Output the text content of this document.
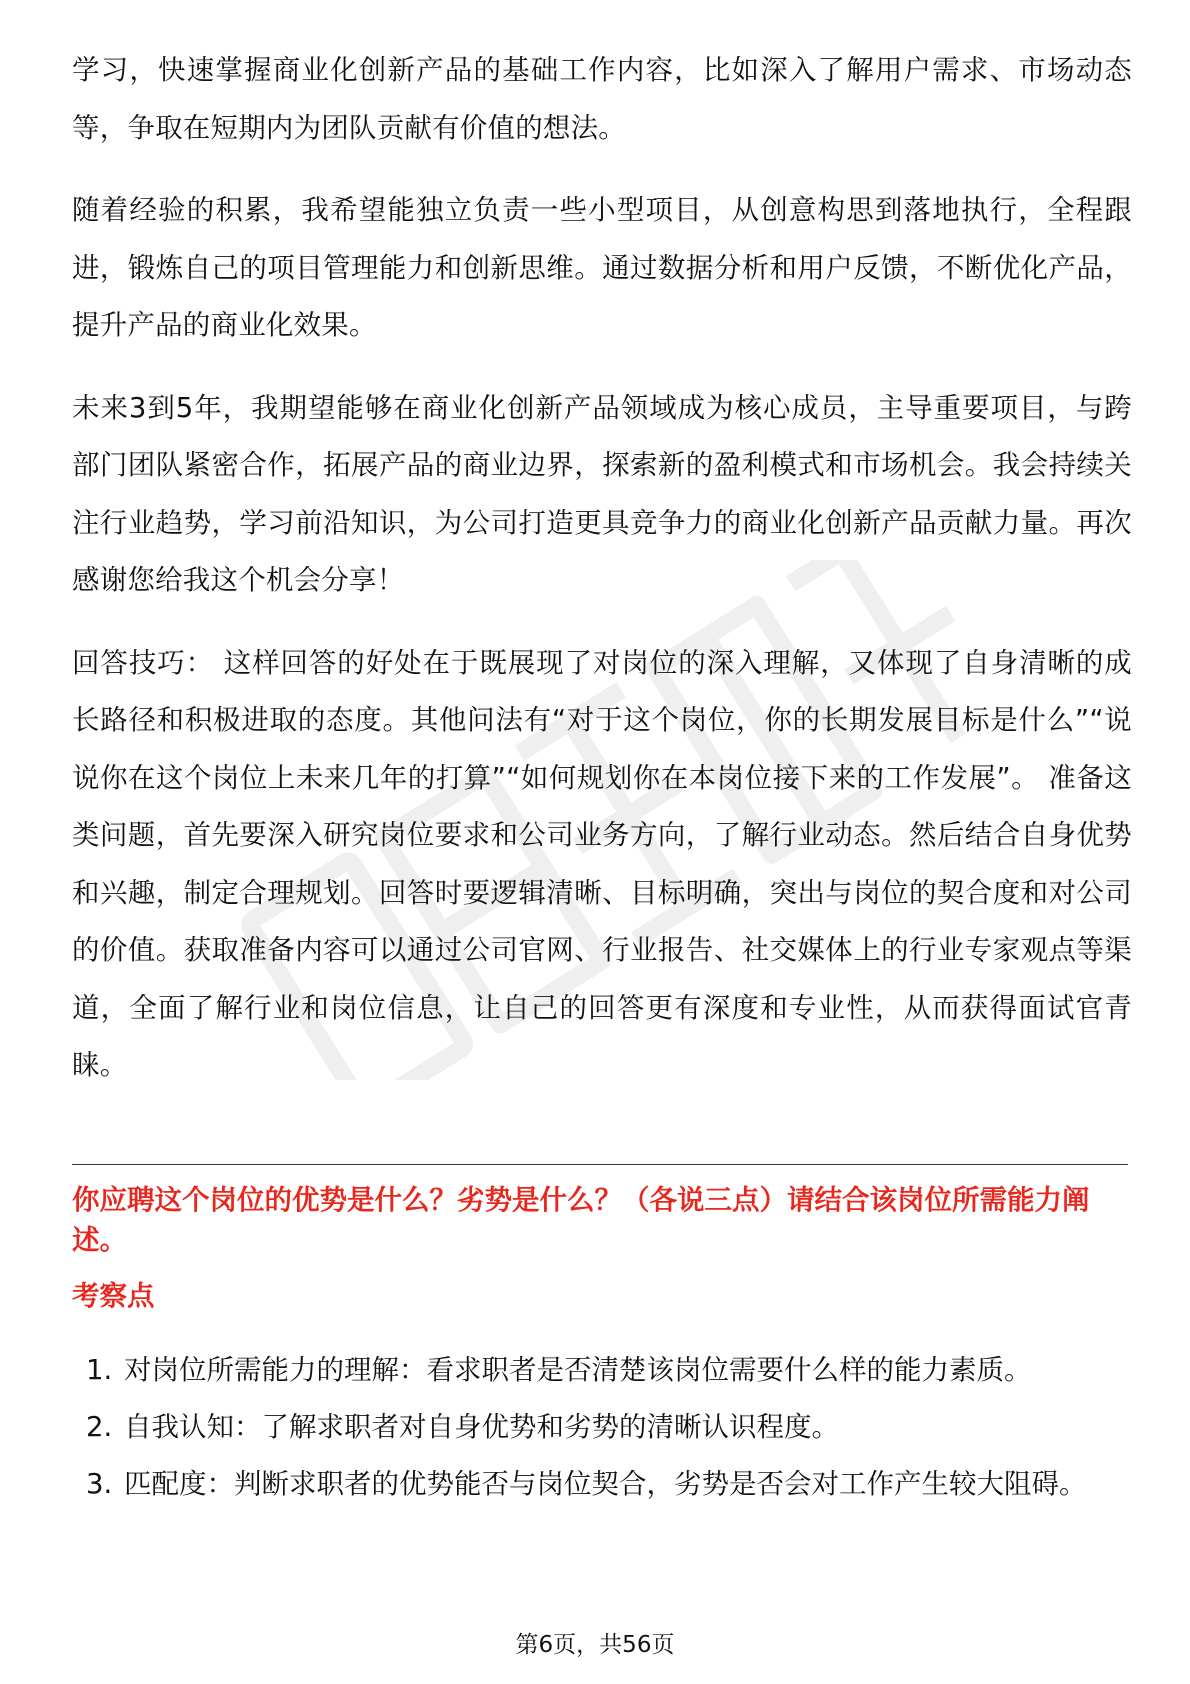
学习，快速掌握商业化创新产品的基础工作内容，比如深入了解用户需求、市场动态等，争取在短期内为团队贡献有价值的想法。

随着经验的积累，我希望能独立负责一些小型项目，从创意构思到落地执行，全程跟进，锻炼自己的项目管理能力和创新思维。通过数据分析和用户反馈，不断优化产品，提升产品的商业化效果。

未来3到5年，我期望能够在商业化创新产品领域成为核心成员，主导重要项目，与跨部门团队紧密合作，拓展产品的商业边界，探索新的盈利模式和市场机会。我会持续关注行业趋势，学习前沿知识，为公司打造更具竞争力的商业化创新产品贡献力量。再次感谢您给我这个机会分享！

回答技巧： 这样回答的好处在于既展现了对岗位的深入理解，又体现了自身清晰的成长路径和积极进取的态度。其他问法有“对于这个岗位，你的长期发展目标是什么”“说说你在这个岗位上未来几年的打算”“如何规划你在本岗位接下来的工作发展”。 准备这类问题，首先要深入研究岗位要求和公司业务方向，了解行业动态。然后结合自身优势和兴趣，制定合理规划。回答时要逻辑清晰、目标明确，突出与岗位的契合度和对公司的价值。获取准备内容可以通过公司官网、行业报告、社交媒体上的行业专家观点等渠道，全面了解行业和岗位信息，让自己的回答更有深度和专业性，从而获得面试官青睐。

你应聘这个岗位的优势是什么？劣势是什么？（各说三点）请结合该岗位所需能力阐述。

考察点

1. 对岗位所需能力的理解：看求职者是否清楚该岗位需要什么样的能力素质。
2. 自我认知：了解求职者对自身优势和劣势的清晰认识程度。
3. 匹配度：判断求职者的优势能否与岗位契合，劣势是否会对工作产生较大阻碍。
第6页，共56页
